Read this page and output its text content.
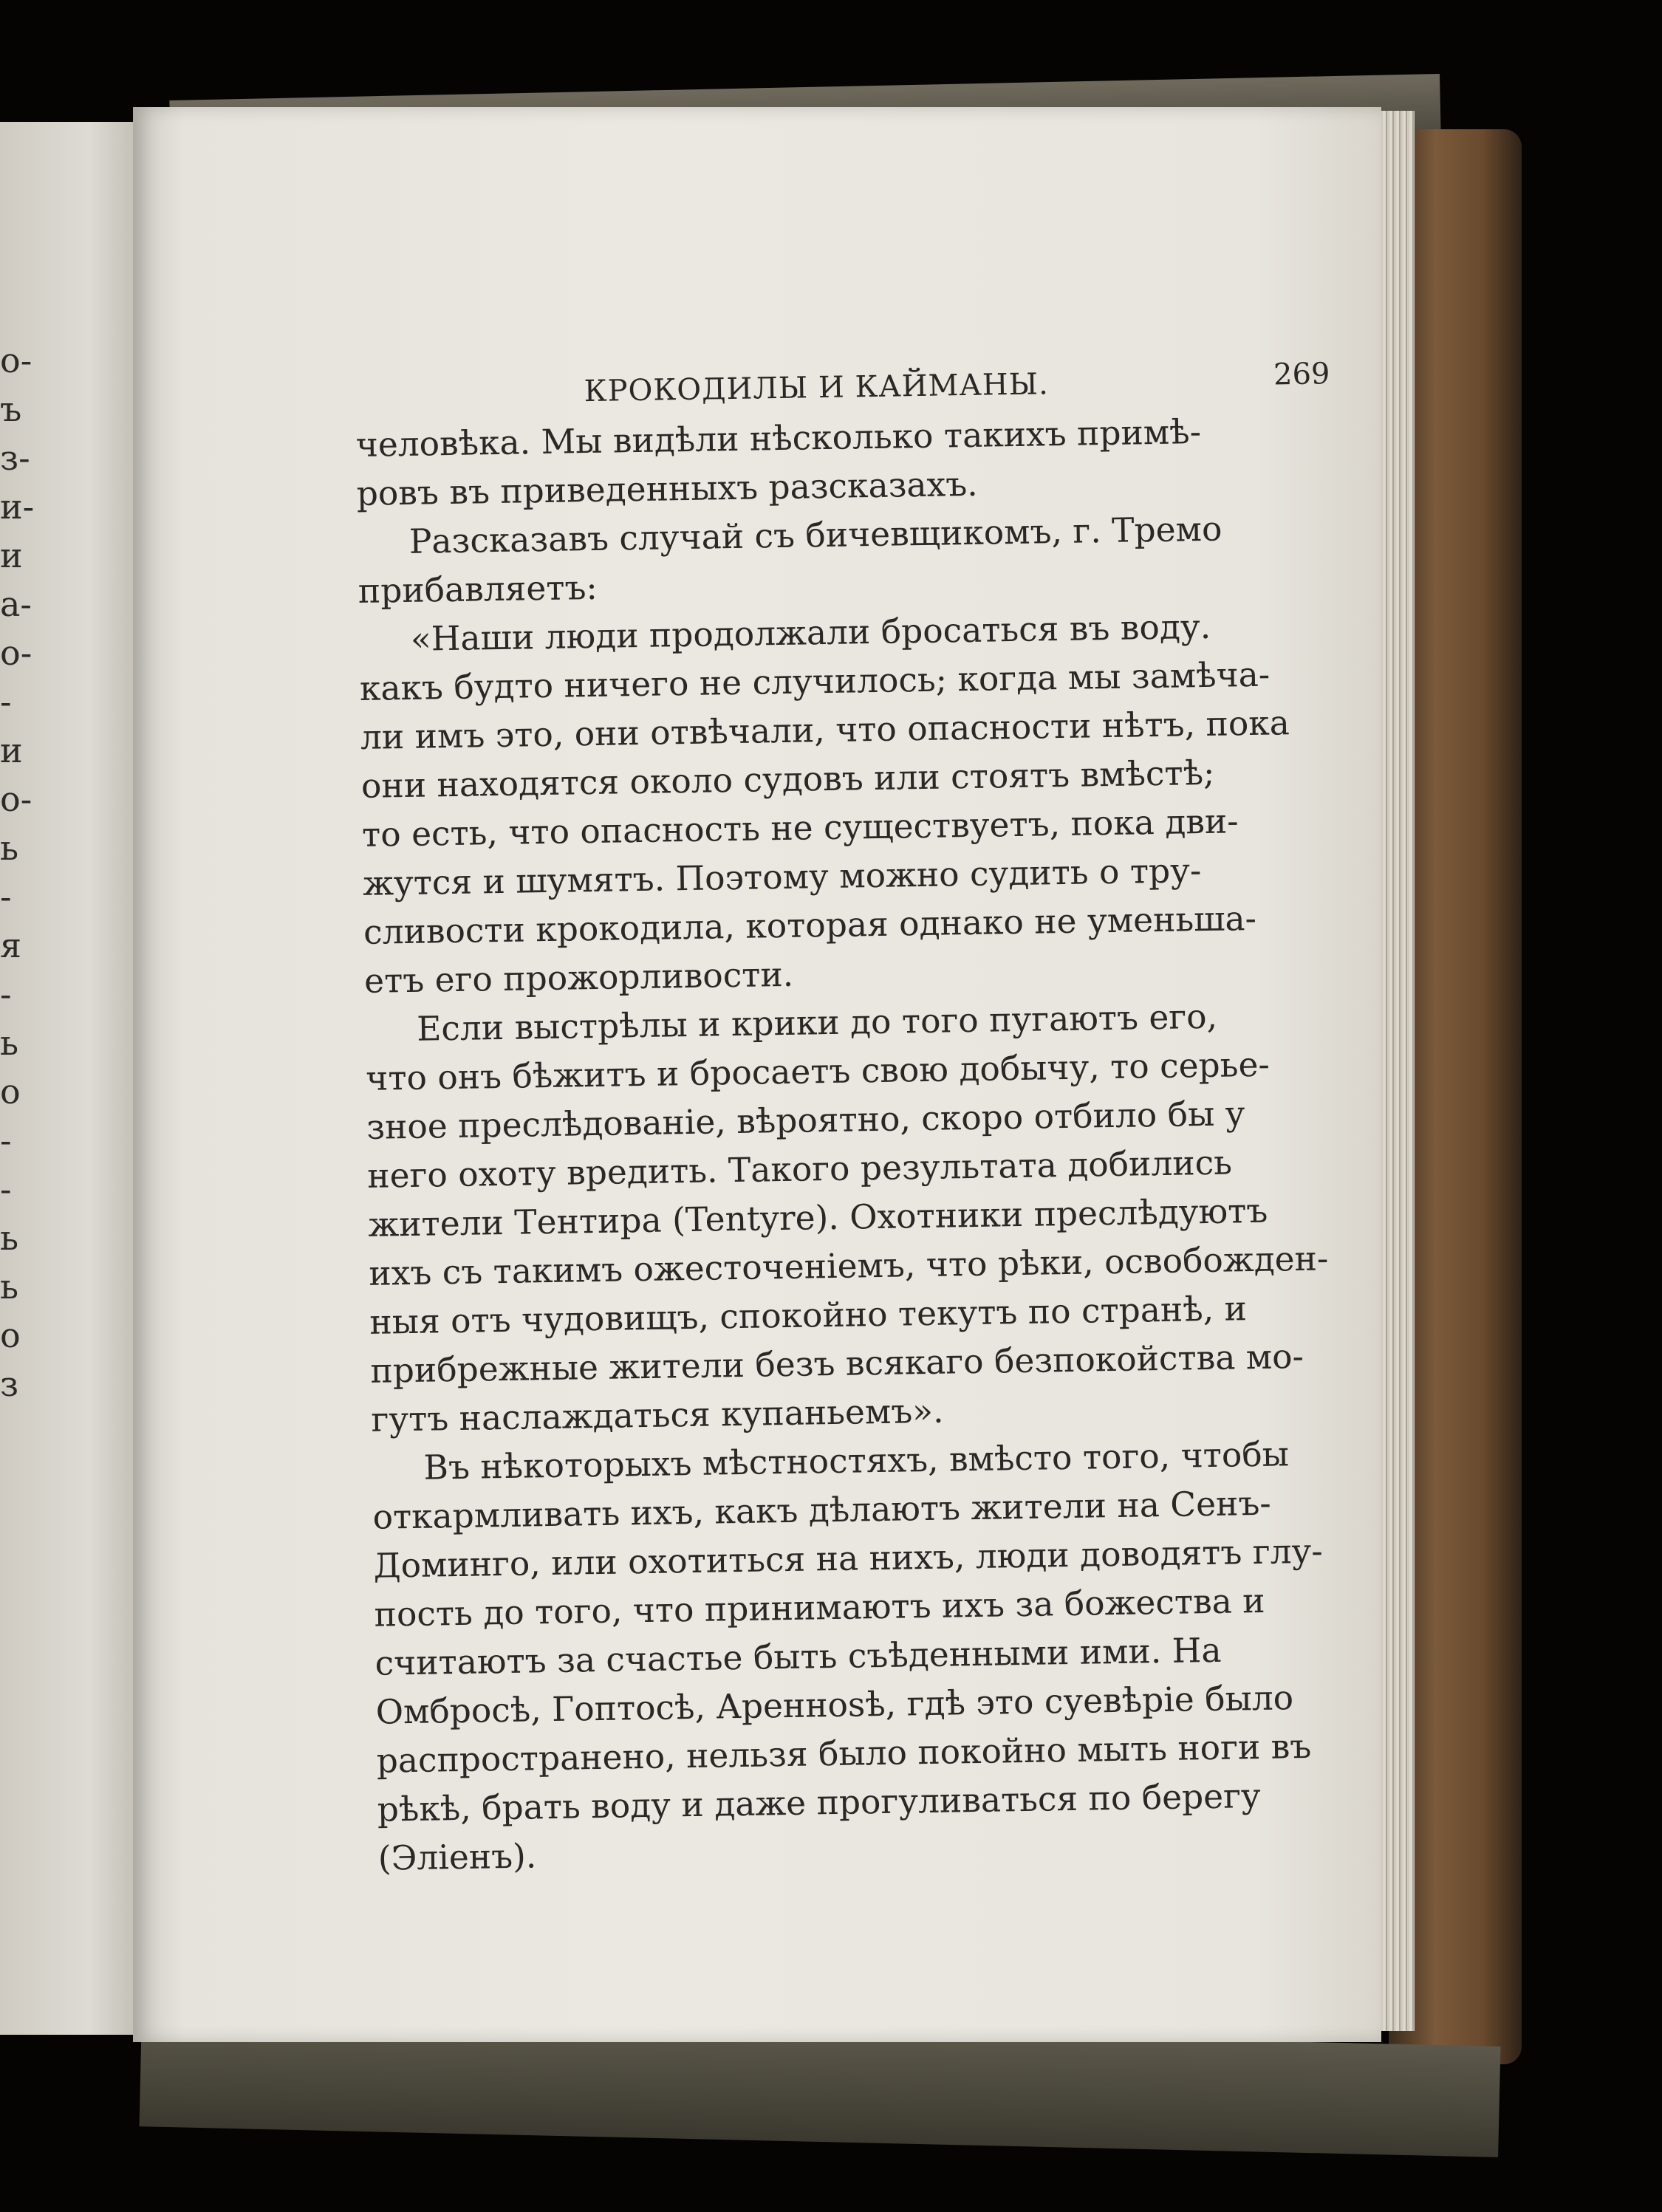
о-
ъ
з-
и-
и
а-
о-
-
и
о-
ь
-
я
-
ь
о
-
-
ь
ь
о
з
КРОКОДИЛЫ И КАЙМАНЫ.	269

человѣка. Мы видѣли нѣсколько такихъ примѣ-
ровъ въ приведенныхъ разсказахъ.

Разсказавъ случай съ бичевщикомъ, г. Тремо
прибавляетъ:

«Наши люди продолжали бросаться въ воду.
какъ будто ничего не случилось; когда мы замѣча-
ли имъ это, они отвѣчали, что опасности нѣтъ, пока
они находятся около судовъ или стоятъ вмѣстѣ;
то есть, что опасность не существуетъ, пока дви-
жутся и шумятъ. Поэтому можно судить о тру-
сливости крокодила, которая однако не уменьша-
етъ его прожорливости.

Если выстрѣлы и крики до того пугаютъ его,
что онъ бѣжитъ и бросаетъ свою добычу, то серье-
зное преслѣдованіе, вѣроятно, скоро отбило бы у
него охоту вредить. Такого результата добились
жители Тентира (Tentyre). Охотники преслѣдуютъ
ихъ съ такимъ ожесточеніемъ, что рѣки, освобожден-
ныя отъ чудовищъ, спокойно текутъ по странѣ, и
прибрежные жители безъ всякаго безпокойства мо-
гутъ наслаждаться купаньемъ».

Въ нѣкоторыхъ мѣстностяхъ, вмѣсто того, чтобы
откармливать ихъ, какъ дѣлаютъ жители на Сенъ-
Доминго, или охотиться на нихъ, люди доводятъ глу-
пость до того, что принимаютъ ихъ за божества и
считаютъ за счастье быть съѣденными ими. На
Омбросѣ, Гоптосѣ, Ареннosѣ, гдѣ это суевѣріе было
распространено, нельзя было покойно мыть ноги въ
рѣкѣ, брать воду и даже прогуливаться по берегу
(Эліенъ).
